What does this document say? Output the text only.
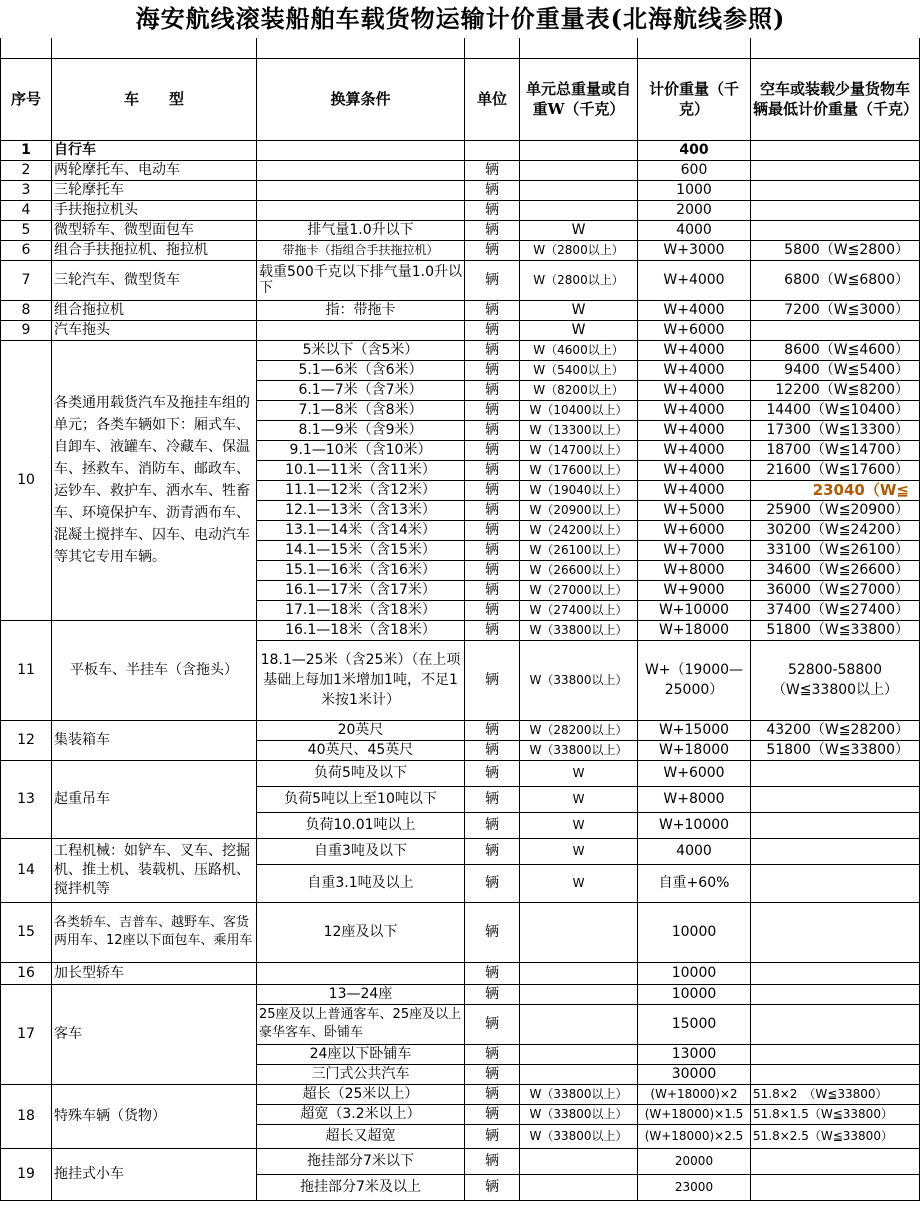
海安航线滚装船舶车载货物运输计价重量表(北海航线参照)

序号	车　　型	换算条件	单位	单元总重量或自重W（千克）	计价重量（千克）	空车或装载少量货物车辆最低计价重量（千克）
1	自行车				400	
2	两轮摩托车、电动车		辆		600	
3	三轮摩托车		辆		1000	
4	手扶拖拉机头		辆		2000	
5	微型轿车、微型面包车	排气量1.0升以下	辆	W	4000	
6	组合手扶拖拉机、拖拉机	带拖卡（指组合手扶拖拉机）	辆	W（2800以上）	W+3000	5800（W≦2800）
7	三轮汽车、微型货车	载重500千克以下排气量1.0升以下	辆	W（2800以上）	W+4000	6800（W≦6800）
8	组合拖拉机	指：带拖卡	辆	W	W+4000	7200（W≦3000）
9	汽车拖头		辆	W	W+6000	
10	各类通用载货汽车及拖挂车组的单元；各类车辆如下：厢式车、自卸车、液罐车、冷藏车、保温车、拯救车、消防车、邮政车、运钞车、救护车、洒水车、牲畜车、环境保护车、沥青洒布车、混凝土搅拌车、囚车、电动汽车等其它专用车辆。	5米以下（含5米）	辆	W（4600以上）	W+4000	8600（W≦4600）
		5.1—6米（含6米）	辆	W（5400以上）	W+4000	9400（W≦5400）
		6.1—7米（含7米）	辆	W（8200以上）	W+4000	12200（W≦8200）
		7.1—8米（含8米）	辆	W（10400以上）	W+4000	14400（W≦10400）
		8.1—9米（含9米）	辆	W（13300以上）	W+4000	17300（W≦13300）
		9.1—10米（含10米）	辆	W（14700以上）	W+4000	18700（W≦14700）
		10.1—11米（含11米）	辆	W（17600以上）	W+4000	21600（W≦17600）
		11.1—12米（含12米）	辆	W（19040以上）	W+4000	23040（W≦
		12.1—13米（含13米）	辆	W（20900以上）	W+5000	25900（W≦20900）
		13.1—14米（含14米）	辆	W（24200以上）	W+6000	30200（W≦24200）
		14.1—15米（含15米）	辆	W（26100以上）	W+7000	33100（W≦26100）
		15.1—16米（含16米）	辆	W（26600以上）	W+8000	34600（W≦26600）
		16.1—17米（含17米）	辆	W（27000以上）	W+9000	36000（W≦27000）
		17.1—18米（含18米）	辆	W（27400以上）	W+10000	37400（W≦27400）
11	平板车、半挂车（含拖头）	16.1—18米（含18米）	辆	W（33800以上）	W+18000	51800（W≦33800）
		18.1—25米（含25米）（在上项基础上每加1米增加1吨，不足1米按1米计）	辆	W（33800以上）	W+（19000—25000）	52800-58800（W≦33800以上）
12	集装箱车	20英尺	辆	W（28200以上）	W+15000	43200（W≦28200）
		40英尺、45英尺	辆	W（33800以上）	W+18000	51800（W≦33800）
13	起重吊车	负荷5吨及以下	辆	W	W+6000	
		负荷5吨以上至10吨以下	辆	W	W+8000	
		负荷10.01吨以上	辆	W	W+10000	
14	工程机械：如铲车、叉车、挖掘机、推土机、装载机、压路机、搅拌机等	自重3吨及以下	辆	W	4000	
		自重3.1吨及以上	辆	W	自重+60%	
15	各类轿车、吉普车、越野车、客货两用车、12座以下面包车、乘用车	12座及以下	辆		10000	
16	加长型轿车		辆		10000	
17	客车	13—24座	辆		10000	
		25座及以上普通客车、25座及以上豪华客车、卧铺车	辆		15000	
		24座以下卧铺车	辆		13000	
		三门式公共汽车	辆		30000	
18	特殊车辆（货物）	超长（25米以上）	辆	W（33800以上）	(W+18000)×2	51.8×2　（W≦33800）
		超宽（3.2米以上）	辆	W（33800以上）	(W+18000)×1.5	51.8×1.5（W≦33800）
		超长又超宽	辆	W（33800以上）	(W+18000)×2.5	51.8×2.5（W≦33800）
19	拖挂式小车	拖挂部分7米以下	辆		20000	
		拖挂部分7米及以上	辆		23000	
